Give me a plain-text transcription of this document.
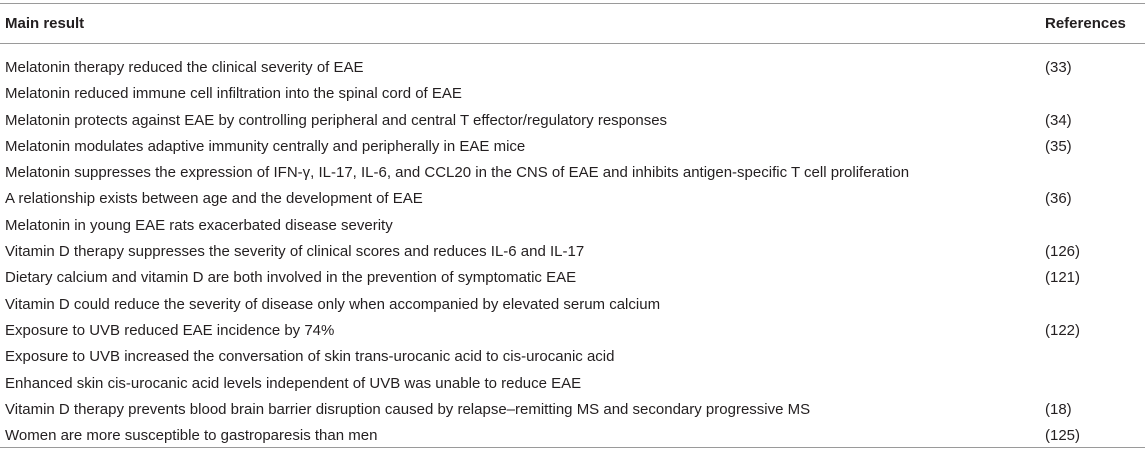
Main result	References
Melatonin therapy reduced the clinical severity of EAE	(33)
Melatonin reduced immune cell infiltration into the spinal cord of EAE
Melatonin protects against EAE by controlling peripheral and central T effector/regulatory responses	(34)
Melatonin modulates adaptive immunity centrally and peripherally in EAE mice	(35)
Melatonin suppresses the expression of IFN-γ, IL-17, IL-6, and CCL20 in the CNS of EAE and inhibits antigen-specific T cell proliferation
A relationship exists between age and the development of EAE	(36)
Melatonin in young EAE rats exacerbated disease severity
Vitamin D therapy suppresses the severity of clinical scores and reduces IL-6 and IL-17	(126)
Dietary calcium and vitamin D are both involved in the prevention of symptomatic EAE	(121)
Vitamin D could reduce the severity of disease only when accompanied by elevated serum calcium
Exposure to UVB reduced EAE incidence by 74%	(122)
Exposure to UVB increased the conversation of skin trans-urocanic acid to cis-urocanic acid
Enhanced skin cis-urocanic acid levels independent of UVB was unable to reduce EAE
Vitamin D therapy prevents blood brain barrier disruption caused by relapse–remitting MS and secondary progressive MS	(18)
Women are more susceptible to gastroparesis than men	(125)
